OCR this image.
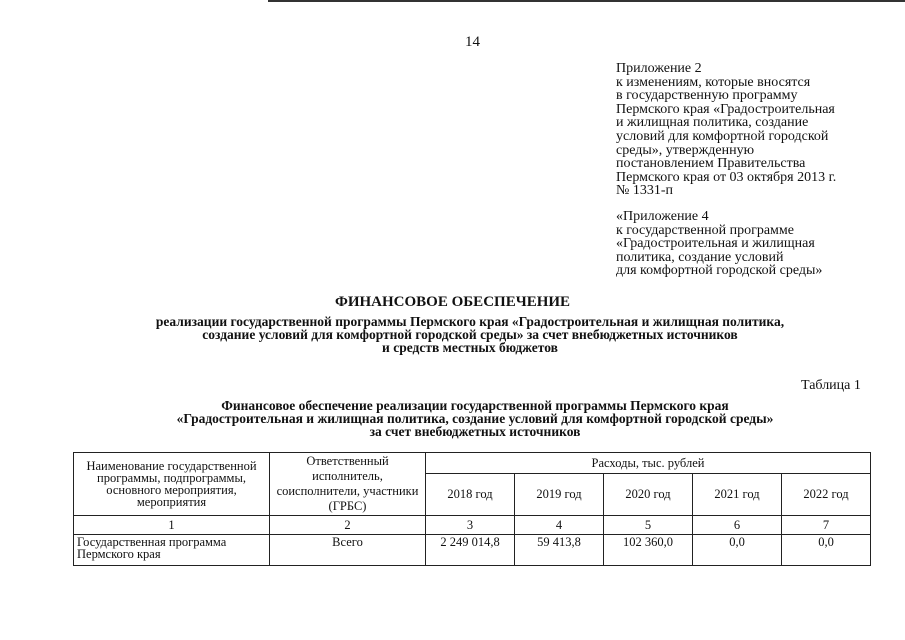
14
Приложение 2
к изменениям, которые вносятся
в государственную программу
Пермского края «Градостроительная
и жилищная политика, создание
условий для комфортной городской
среды», утвержденную
постановлением Правительства
Пермского края от 03 октября 2013 г.
№ 1331-п
«Приложение 4
к государственной программе
«Градостроительная и жилищная
политика, создание условий
для комфортной городской среды»
ФИНАНСОВОЕ ОБЕСПЕЧЕНИЕ
реализации государственной программы Пермского края «Градостроительная и жилищная политика,
создание условий для комфортной городской среды» за счет внебюджетных источников
и средств местных бюджетов
Таблица 1
Финансовое обеспечение реализации государственной программы Пермского края
«Градостроительная и жилищная политика, создание условий для комфортной городской среды»
за счет внебюджетных источников
Наименование государственной программы, подпрограммы, основного мероприятия, мероприятия	Ответственный исполнитель, соисполнители, участники (ГРБС)	Расходы, тыс. рублей				
		2018 год	2019 год	2020 год	2021 год	2022 год
1	2	3	4	5	6	7
Государственная программа Пермского края	Всего	2 249 014,8	59 413,8	102 360,0	0,0	0,0
